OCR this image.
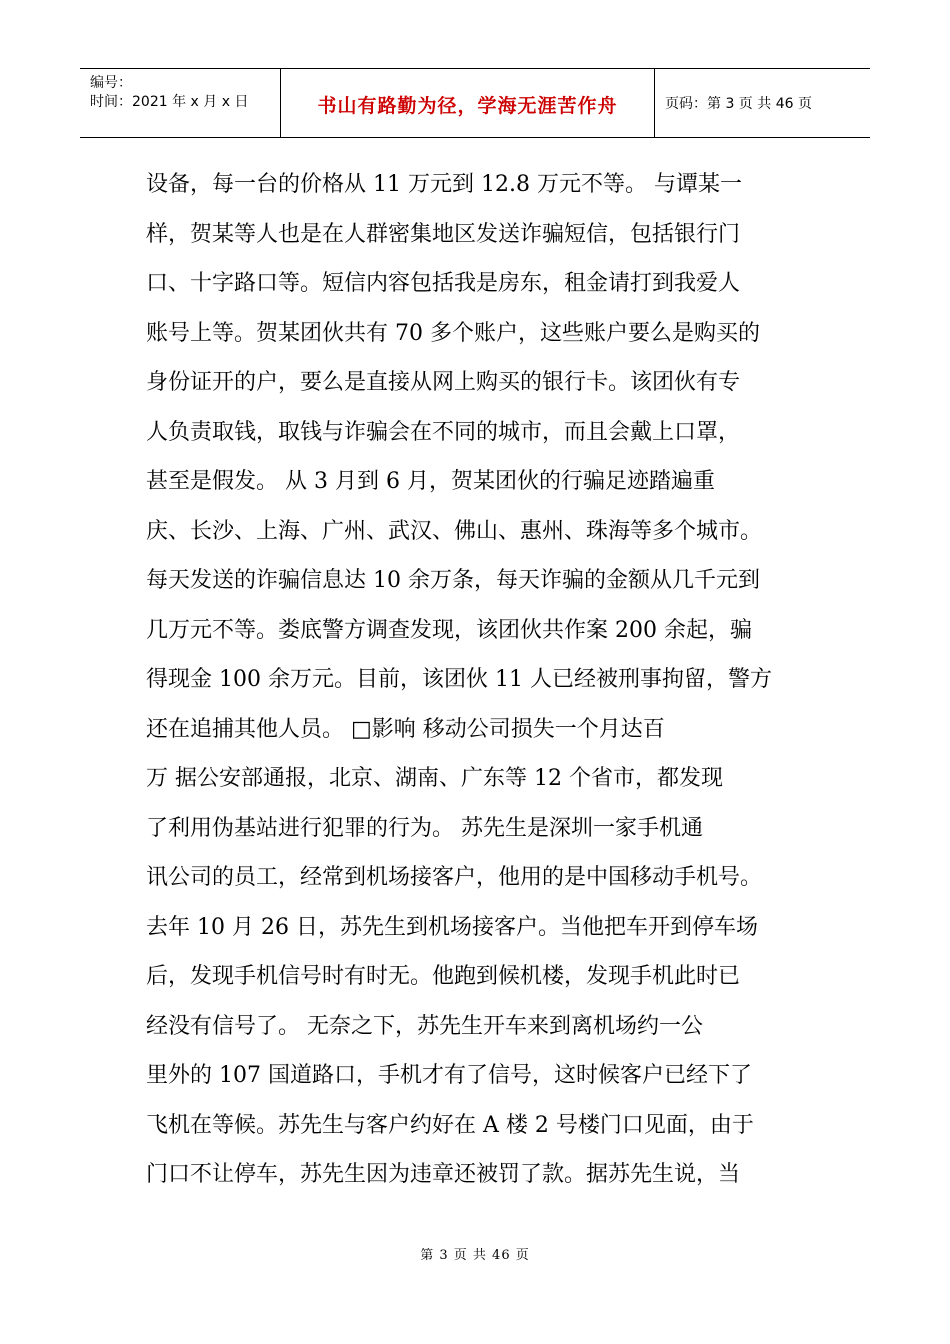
编号：
时间：2021 年 x 月 x 日	书山有路勤为径，学海无涯苦作舟	页码：第 3 页 共 46 页
设备，每一台的价格从 11 万元到 12.8 万元不等。 与谭某一
样，贺某等人也是在人群密集地区发送诈骗短信，包括银行门
口、十字路口等。短信内容包括我是房东，租金请打到我爱人
账号上等。贺某团伙共有 70 多个账户，这些账户要么是购买的
身份证开的户，要么是直接从网上购买的银行卡。该团伙有专
人负责取钱，取钱与诈骗会在不同的城市，而且会戴上口罩，
甚至是假发。 从 3 月到 6 月，贺某团伙的行骗足迹踏遍重
庆、长沙、上海、广州、武汉、佛山、惠州、珠海等多个城市。
每天发送的诈骗信息达 10 余万条，每天诈骗的金额从几千元到
几万元不等。娄底警方调查发现，该团伙共作案 200 余起，骗
得现金 100 余万元。目前，该团伙 11 人已经被刑事拘留，警方
还在追捕其他人员。 □影响 移动公司损失一个月达百
万 据公安部通报，北京、湖南、广东等 12 个省市，都发现
了利用伪基站进行犯罪的行为。 苏先生是深圳一家手机通
讯公司的员工，经常到机场接客户，他用的是中国移动手机号。
去年 10 月 26 日，苏先生到机场接客户。当他把车开到停车场
后，发现手机信号时有时无。他跑到候机楼，发现手机此时已
经没有信号了。 无奈之下，苏先生开车来到离机场约一公
里外的 107 国道路口，手机才有了信号，这时候客户已经下了
飞机在等候。苏先生与客户约好在 A 楼 2 号楼门口见面，由于
门口不让停车，苏先生因为违章还被罚了款。据苏先生说，当
第 3 页 共 46 页
